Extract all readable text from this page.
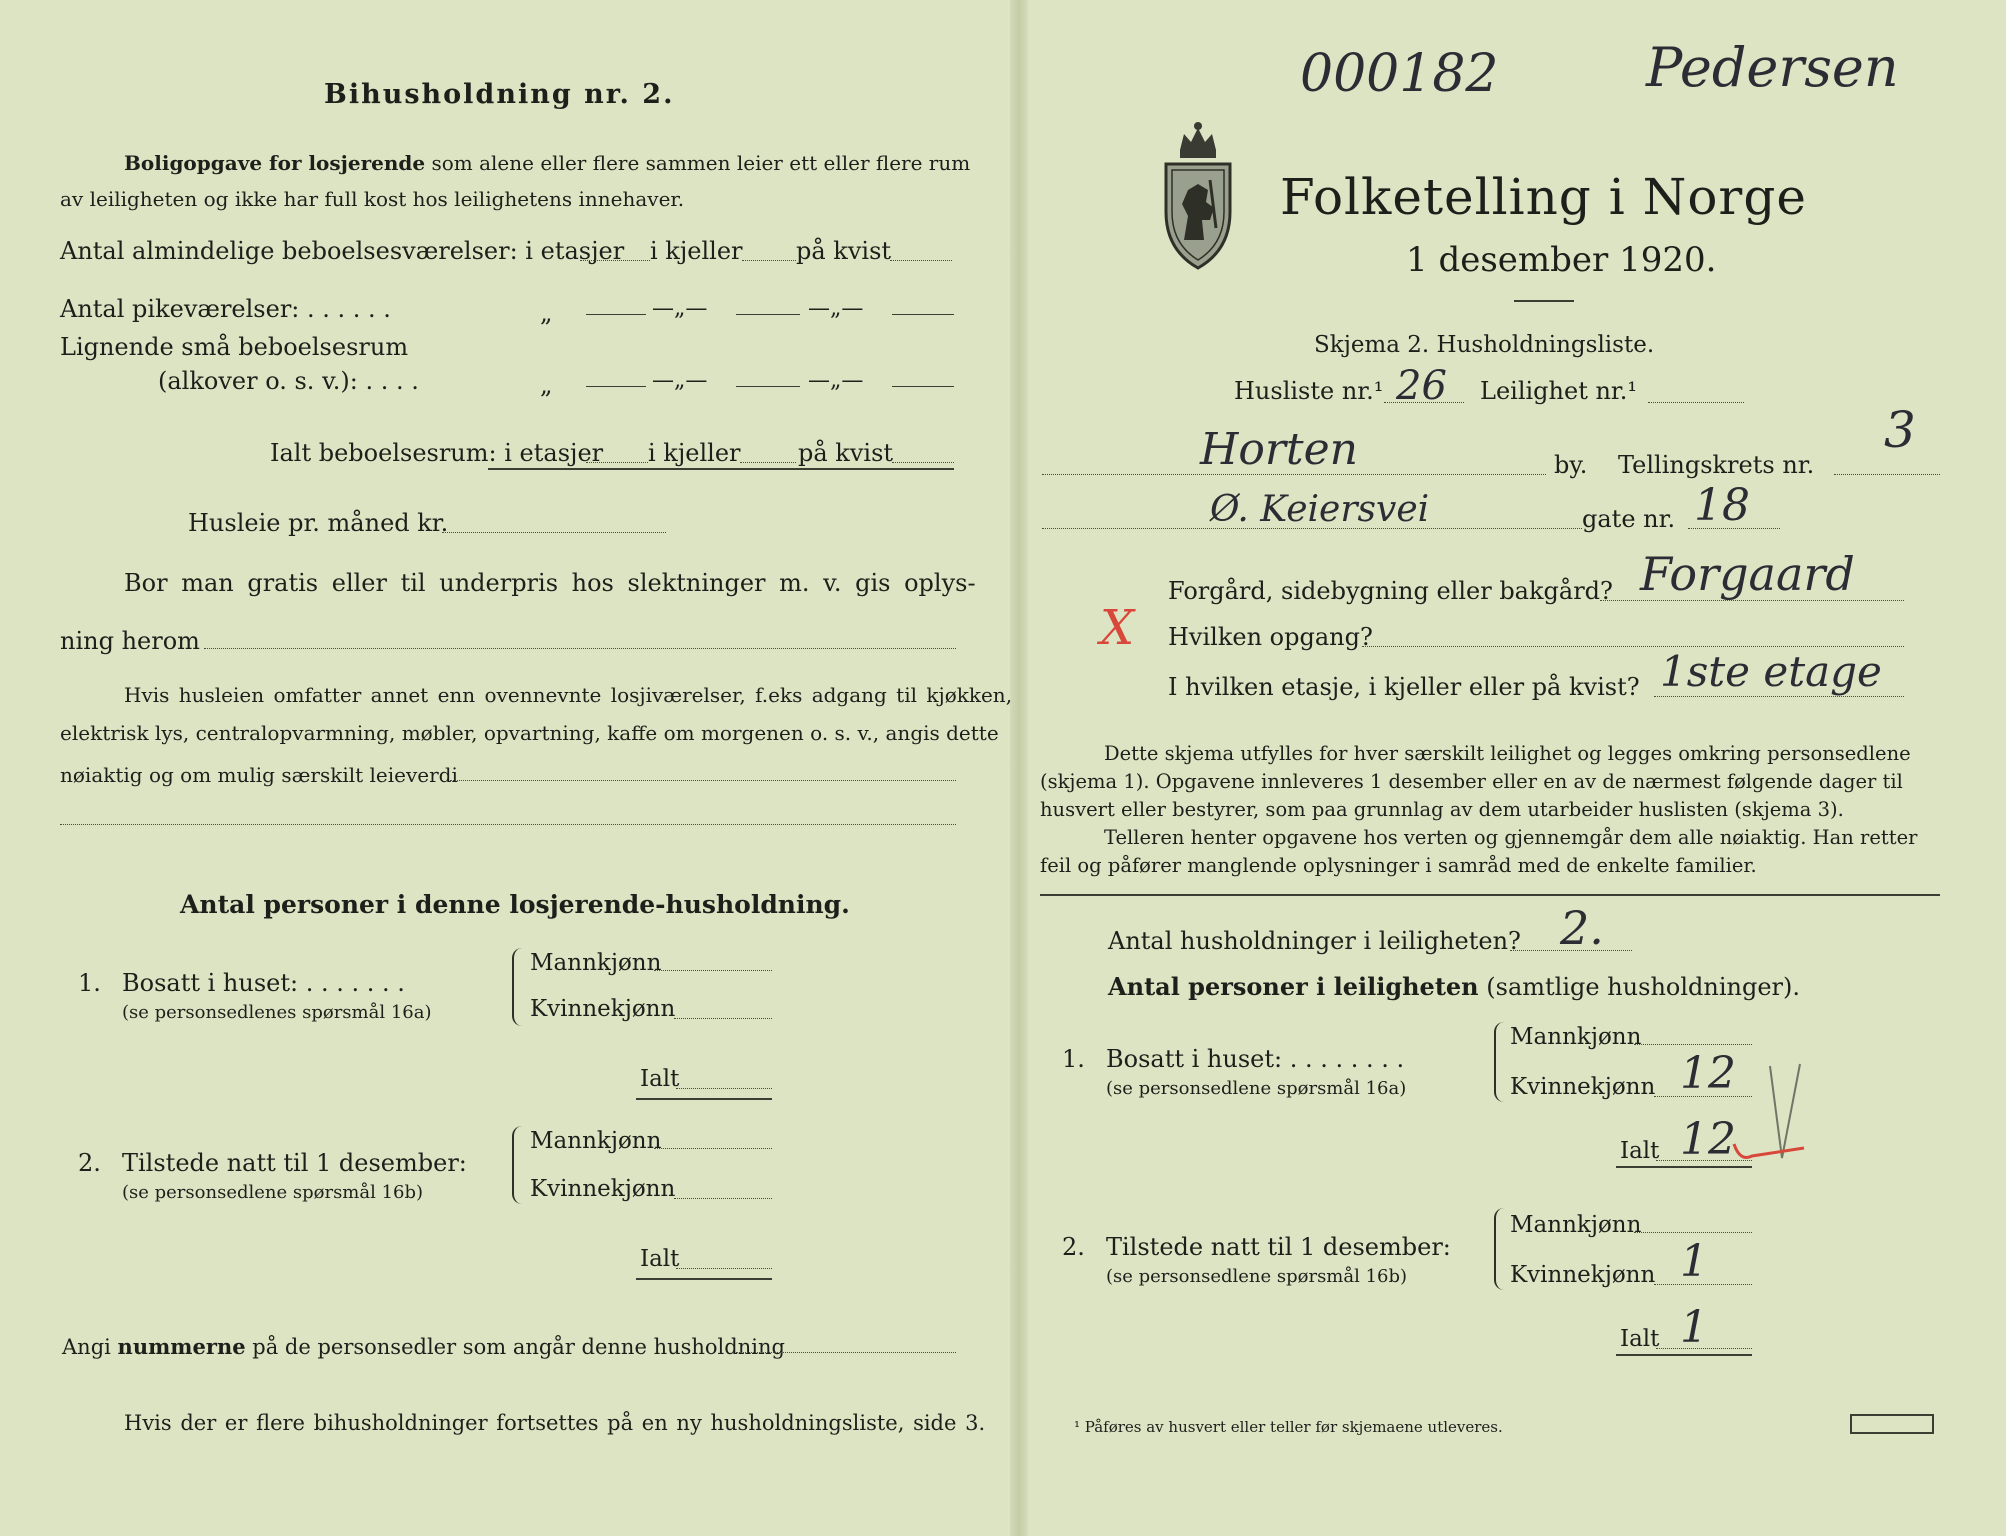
Bihusholdning nr. 2.
Boligopgave for losjerende som alene eller flere sammen leier ett eller flere rum
av leiligheten og ikke har full kost hos leilighetens innehaver.
Antal almindelige beboelsesværelser: i etasjer i kjeller på kvist
Antal pikeværelser: . . . . . .	„	—„—	—„—
Lignende små beboelsesrum
(alkover o. s. v.): . . . .	„	—„—	—„—
Ialt beboelsesrum: i etasjer i kjeller på kvist
Husleie pr. måned kr.
Bor man gratis eller til underpris hos slektninger m. v. gis oplys-
ning herom
Hvis husleien omfatter annet enn ovennevnte losjiværelser, f.eks adgang til kjøkken,
elektrisk lys, centralopvarmning, møbler, opvartning, kaffe om morgenen o. s. v., angis dette
nøiaktig og om mulig særskilt leieverdi
Antal personer i denne losjerende-husholdning.
1. Bosatt i huset: . . . . . . .
(se personsedlenes spørsmål 16a)
Mannkjønn
Kvinnekjønn
Ialt
2. Tilstede natt til 1 desember:
(se personsedlene spørsmål 16b)
Mannkjønn
Kvinnekjønn
Ialt
Angi nummerne på de personsedler som angår denne husholdning
Hvis der er flere bihusholdninger fortsettes på en ny husholdningsliste, side 3.
000182	Pedersen
Folketelling i Norge
1 desember 1920.
Skjema 2. Husholdningsliste.
Husliste nr.¹ 26 Leilighet nr.¹
Horten	by. Tellingskrets nr.
3
Ø. Keiersvei	gate nr. 18
Forgård, sidebygning eller bakgård? Forgaard
X Hvilken opgang?
I hvilken etasje, i kjeller eller på kvist? 1ste etage
Dette skjema utfylles for hver særskilt leilighet og legges omkring personsedlene
(skjema 1). Opgavene innleveres 1 desember eller en av de nærmest følgende dager til
husvert eller bestyrer, som paa grunnlag av dem utarbeider huslisten (skjema 3).
Telleren henter opgavene hos verten og gjennemgår dem alle nøiaktig. Han retter
feil og påfører manglende oplysninger i samråd med de enkelte familier.
Antal husholdninger i leiligheten? 2.
Antal personer i leiligheten (samtlige husholdninger).
1. Bosatt i huset: . . . . . . . .
(se personsedlene spørsmål 16a)
Mannkjønn
Kvinnekjønn 12
Ialt 12
2. Tilstede natt til 1 desember:
(se personsedlene spørsmål 16b)
Mannkjønn
Kvinnekjønn 1
Ialt 1
¹ Påføres av husvert eller teller før skjemaene utleveres.
